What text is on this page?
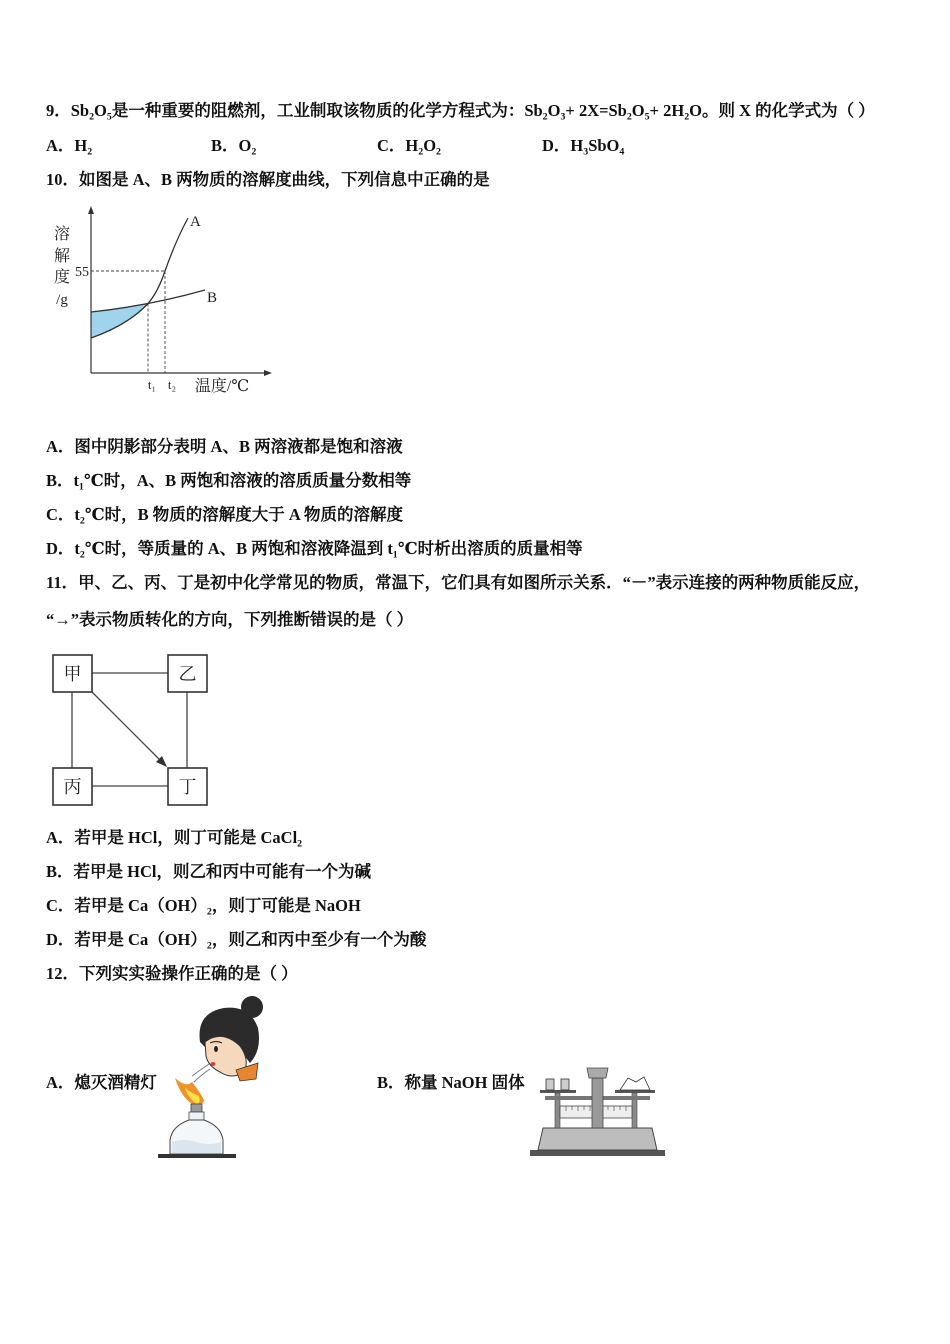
9．Sb₂O₅是一种重要的阻燃剂，工业制取该物质的化学方程式为：Sb₂O₃+ 2X=Sb₂O₅+ 2H₂O。则 X 的化学式为（ ）
A．H₂	B．O₂	C．H₂O₂	D．H₃SbO₄
10．如图是 A、B 两物质的溶解度曲线，下列信息中正确的是
溶
解
度
/g
55
A
B
t₁ t₂ 温度/℃
A．图中阴影部分表明 A、B 两溶液都是饱和溶液
B．t₁℃时，A、B 两饱和溶液的溶质质量分数相等
C．t₂℃时，B 物质的溶解度大于 A 物质的溶解度
D．t₂℃时，等质量的 A、B 两饱和溶液降温到 t₁℃时析出溶质的质量相等
11．甲、乙、丙、丁是初中化学常见的物质，常温下，它们具有如图所示关系．“－”表示连接的两种物质能反应，
“→”表示物质转化的方向，下列推断错误的是（ ）
甲	乙
丙	丁
A．若甲是 HCl，则丁可能是 CaCl₂
B．若甲是 HCl，则乙和丙中可能有一个为碱
C．若甲是 Ca（OH）₂，则丁可能是 NaOH
D．若甲是 Ca（OH）₂，则乙和丙中至少有一个为酸
12．下列实实验操作正确的是（ ）
A．熄灭酒精灯	B．称量 NaOH 固体
